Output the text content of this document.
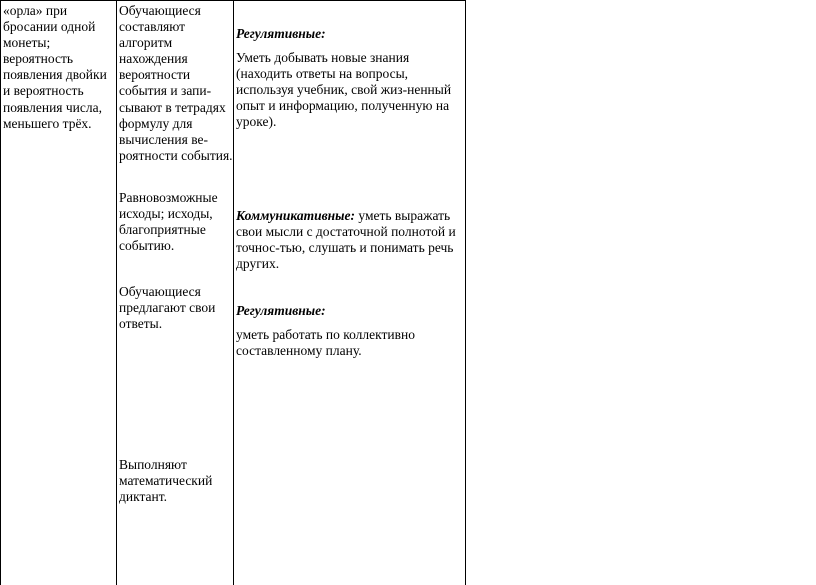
«орла» при
бросании одной
монеты;
вероятность
появления двойки
и вероятность
появления числа,
меньшего трёх.
Обучающиеся
составляют
алгоритм
нахождения
вероятности
события и запи-
сывают в тетрадях
формулу для
вычисления ве-
роятности события.
Равновозможные
исходы; исходы,
благоприятные
событию.
Обучающиеся
предлагают свои
ответы.
Выполняют
математический
диктант.
Регулятивные:
Уметь добывать новые знания
(находить ответы на вопросы,
используя учебник, свой жиз-ненный
опыт и информацию, полученную на
уроке).
Коммуникативные: уметь выражать
свои мысли с достаточной полнотой и
точнос-тью, слушать и понимать речь
других.
Регулятивные:
уметь работать по коллективно
составленному плану.
